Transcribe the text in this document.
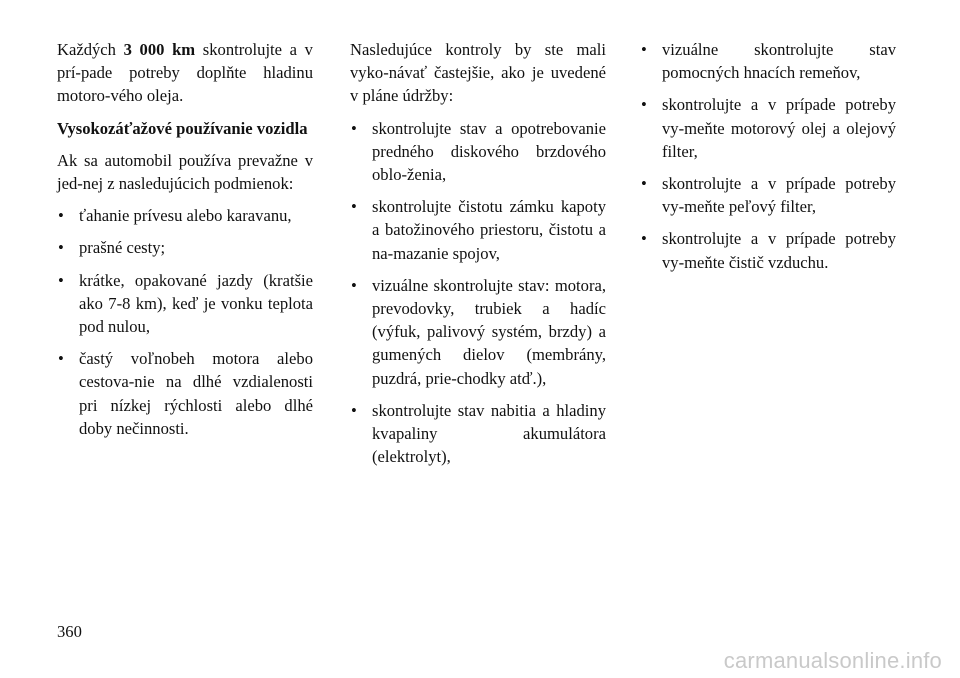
Každých 3 000 km skontrolujte a v prí-pade potreby doplňte hladinu motoro-vého oleja.

Vysokozáťažové používanie vozidla

Ak sa automobil používa prevažne v jed-nej z nasledujúcich podmienok:

• ťahanie prívesu alebo karavanu,
• prašné cesty;
• krátke, opakované jazdy (kratšie ako 7-8 km), keď je vonku teplota pod nulou,
• častý voľnobeh motora alebo cestova-nie na dlhé vzdialenosti pri nízkej rýchlosti alebo dlhé doby nečinnosti.

Nasledujúce kontroly by ste mali vyko-návať častejšie, ako je uvedené v pláne údržby:

• skontrolujte stav a opotrebovanie predného diskového brzdového oblo-ženia,
• skontrolujte čistotu zámku kapoty a batožinového priestoru, čistotu a na-mazanie spojov,
• vizuálne skontrolujte stav: motora, prevodovky, trubiek a hadíc (výfuk, palivový systém, brzdy) a gumených dielov (membrány, puzdrá, prie-chodky atď.),
• skontrolujte stav nabitia a hladiny kvapaliny akumulátora (elektrolyt),
• vizuálne skontrolujte stav pomocných hnacích remeňov,
• skontrolujte a v prípade potreby vy-meňte motorový olej a olejový filter,
• skontrolujte a v prípade potreby vy-meňte peľový filter,
• skontrolujte a v prípade potreby vy-meňte čistič vzduchu.
360
carmanualsonline.info
